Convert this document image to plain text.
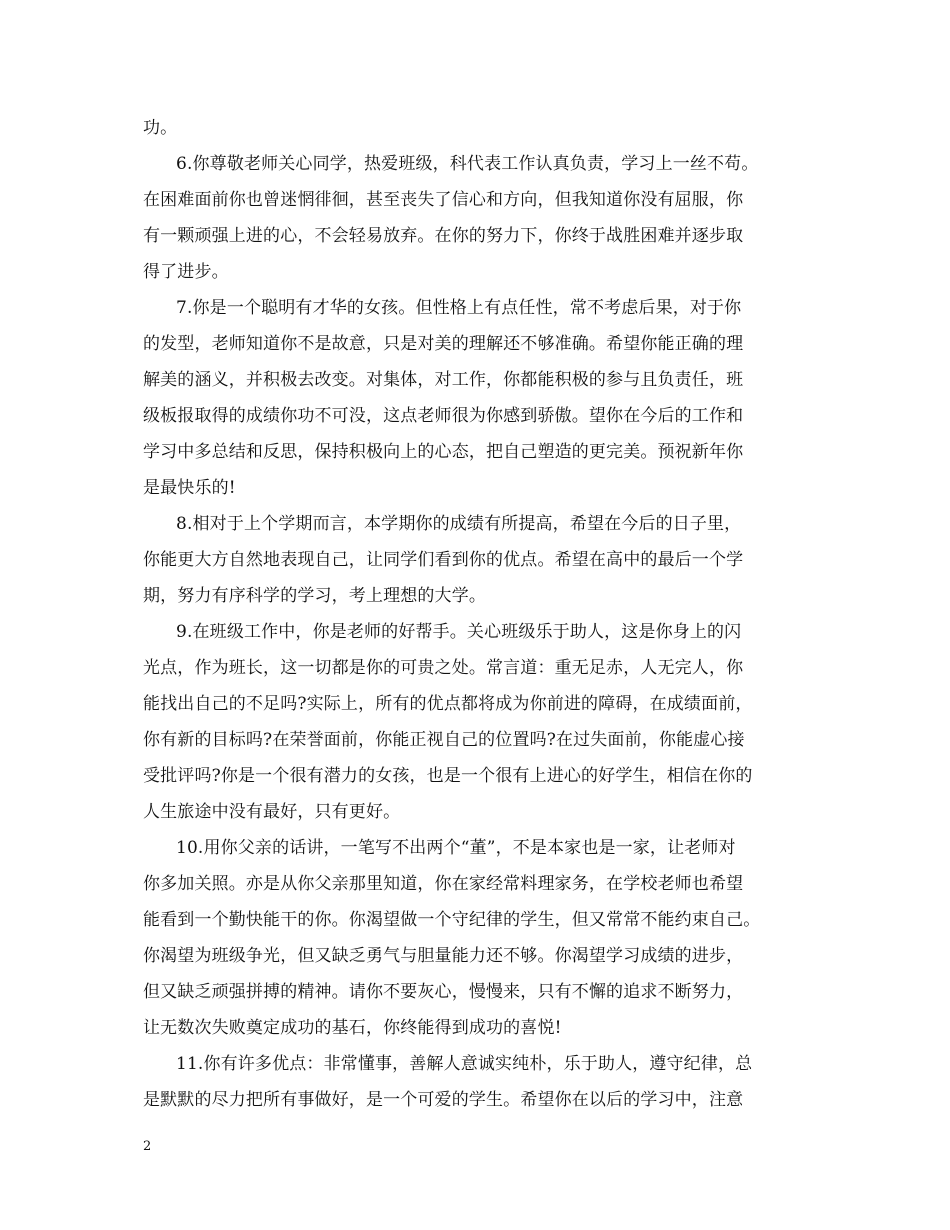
功。
6.你尊敬老师关心同学，热爱班级，科代表工作认真负责，学习上一丝不苟。
在困难面前你也曾迷惘徘徊，甚至丧失了信心和方向，但我知道你没有屈服，你
有一颗顽强上进的心，不会轻易放弃。在你的努力下，你终于战胜困难并逐步取
得了进步。
7.你是一个聪明有才华的女孩。但性格上有点任性，常不考虑后果，对于你
的发型，老师知道你不是故意，只是对美的理解还不够准确。希望你能正确的理
解美的涵义，并积极去改变。对集体，对工作，你都能积极的参与且负责任，班
级板报取得的成绩你功不可没，这点老师很为你感到骄傲。望你在今后的工作和
学习中多总结和反思，保持积极向上的心态，把自己塑造的更完美。预祝新年你
是最快乐的!
8.相对于上个学期而言，本学期你的成绩有所提高，希望在今后的日子里，
你能更大方自然地表现自己，让同学们看到你的优点。希望在高中的最后一个学
期，努力有序科学的学习，考上理想的大学。
9.在班级工作中，你是老师的好帮手。关心班级乐于助人，这是你身上的闪
光点，作为班长，这一切都是你的可贵之处。常言道：重无足赤，人无完人，你
能找出自己的不足吗?实际上，所有的优点都将成为你前进的障碍，在成绩面前，
你有新的目标吗?在荣誉面前，你能正视自己的位置吗?在过失面前，你能虚心接
受批评吗?你是一个很有潜力的女孩，也是一个很有上进心的好学生，相信在你的
人生旅途中没有最好，只有更好。
10.用你父亲的话讲，一笔写不出两个“董”，不是本家也是一家，让老师对
你多加关照。亦是从你父亲那里知道，你在家经常料理家务，在学校老师也希望
能看到一个勤快能干的你。你渴望做一个守纪律的学生，但又常常不能约束自己。
你渴望为班级争光，但又缺乏勇气与胆量能力还不够。你渴望学习成绩的进步，
但又缺乏顽强拼搏的精神。请你不要灰心，慢慢来，只有不懈的追求不断努力，
让无数次失败奠定成功的基石，你终能得到成功的喜悦!
11.你有许多优点：非常懂事，善解人意诚实纯朴，乐于助人，遵守纪律，总
是默默的尽力把所有事做好，是一个可爱的学生。希望你在以后的学习中，注意
2
